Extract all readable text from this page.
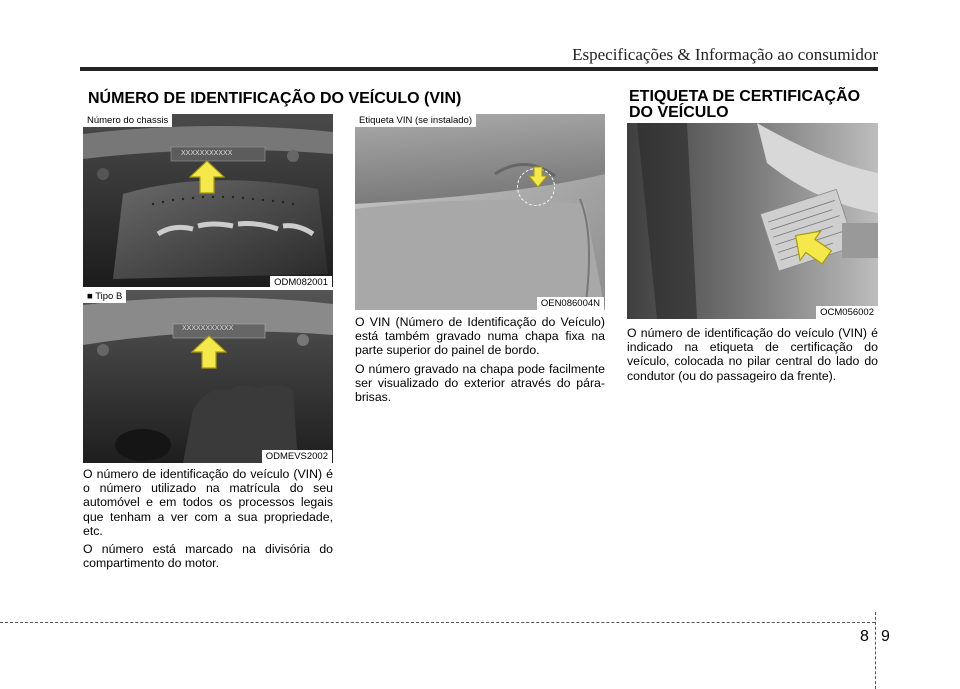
Especificações & Informação ao consumidor
NÚMERO DE IDENTIFICAÇÃO DO VEÍCULO (VIN)
Número do chassis
XXXXXXXXXXX
ODM082001
■ Tipo B
XXXXXXXXXXX
ODMEVS2002

O número de identificação do veículo (VIN) é o número utilizado na matrícula do seu automóvel e em todos os processos legais que tenham a ver com a sua propriedade, etc.

O número está marcado na divisória do compartimento do motor.

Etiqueta VIN (se instalado)
OEN086004N

O VIN (Número de Identificação do Veículo) está também gravado numa chapa fixa na parte superior do painel de bordo.

O número gravado na chapa pode facilmente ser visualizado do exterior através do pára-brisas.

ETIQUETA DE CERTIFICAÇÃO
DO VEÍCULO
OCM056002

O número de identificação do veículo (VIN) é indicado na etiqueta de certificação do veículo, colocada no pilar central do lado do condutor (ou do passageiro da frente).

8 9
